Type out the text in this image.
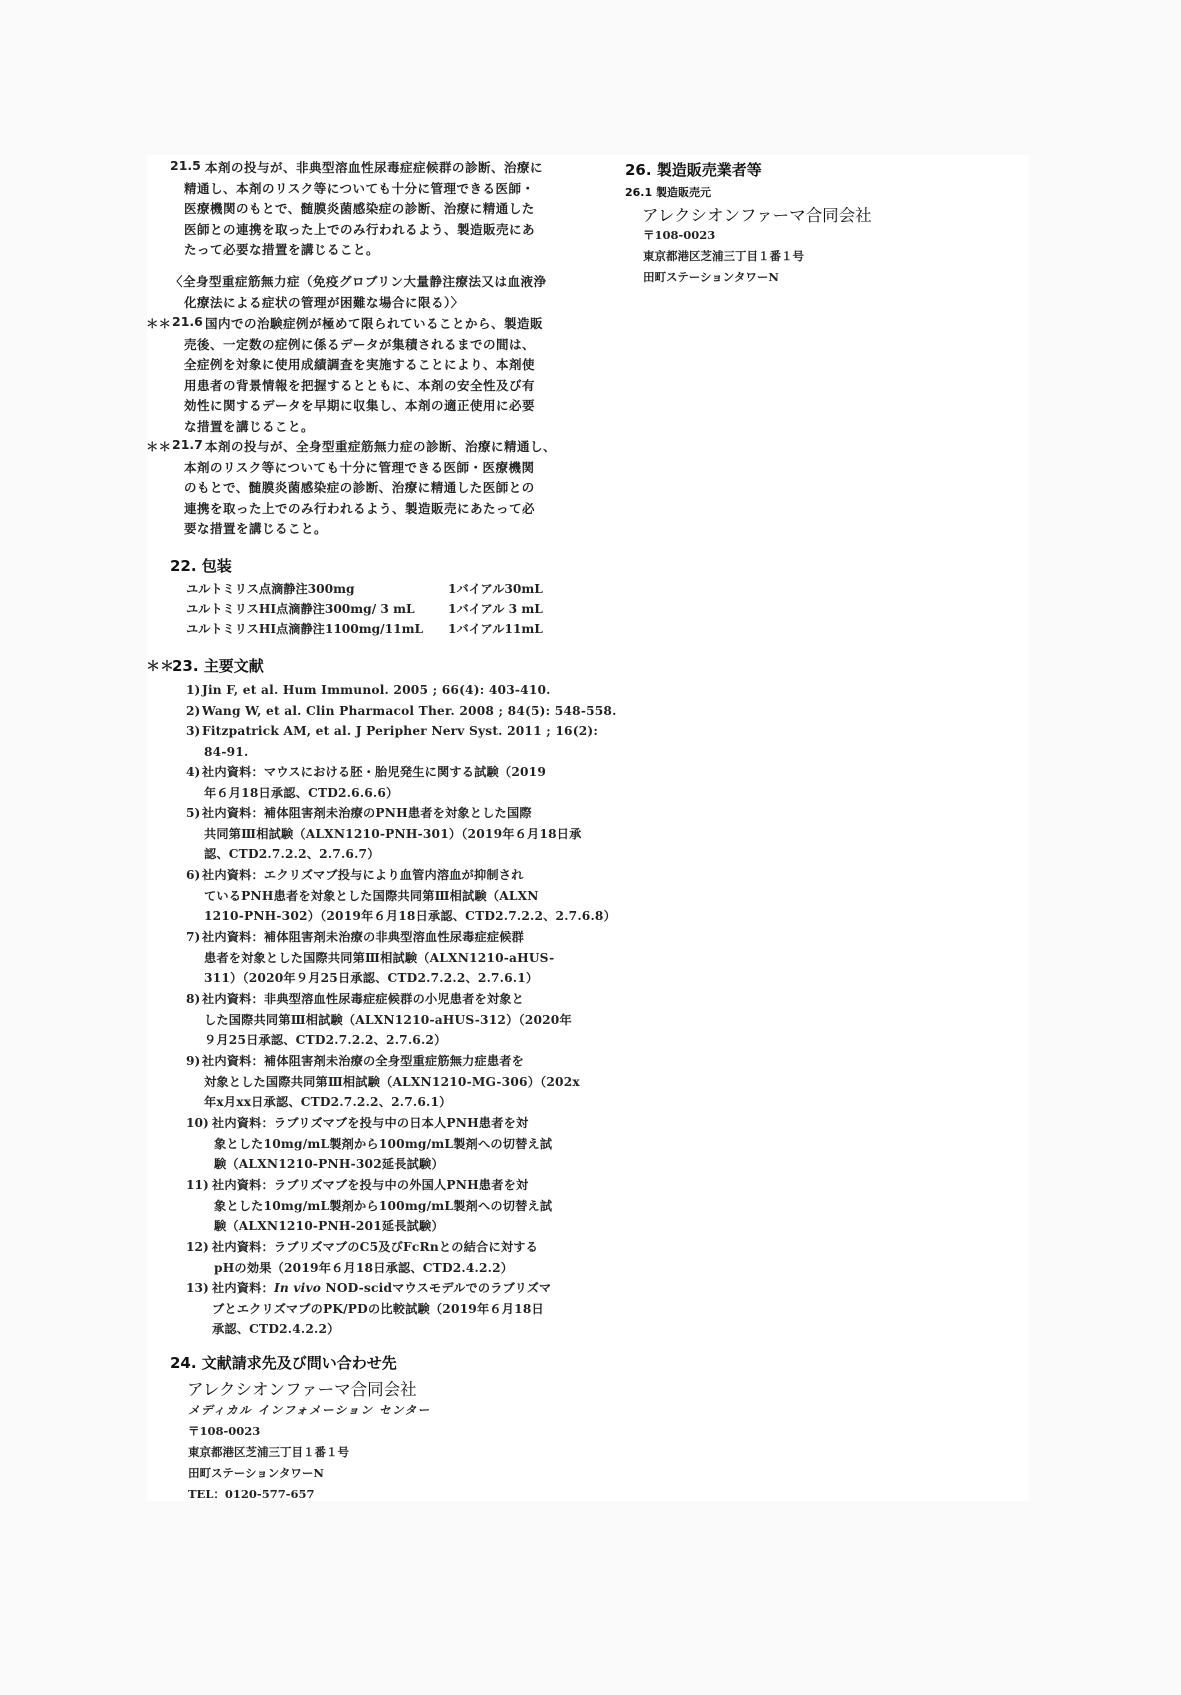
21.5 本剤の投与が、非典型溶血性尿毒症症候群の診断、治療に
精通し、本剤のリスク等についても十分に管理できる医師・
医療機関のもとで、髄膜炎菌感染症の診断、治療に精通した
医師との連携を取った上でのみ行われるよう、製造販売にあ
たって必要な措置を講じること。
〈全身型重症筋無力症（免疫グロブリン大量静注療法又は血液浄
化療法による症状の管理が困難な場合に限る）〉
＊＊ 21.6 国内での治験症例が極めて限られていることから、製造販
売後、一定数の症例に係るデータが集積されるまでの間は、
全症例を対象に使用成績調査を実施することにより、本剤使
用患者の背景情報を把握するとともに、本剤の安全性及び有
効性に関するデータを早期に収集し、本剤の適正使用に必要
な措置を講じること。
＊＊ 21.7 本剤の投与が、全身型重症筋無力症の診断、治療に精通し、
本剤のリスク等についても十分に管理できる医師・医療機関
のもとで、髄膜炎菌感染症の診断、治療に精通した医師との
連携を取った上でのみ行われるよう、製造販売にあたって必
要な措置を講じること。
22. 包装
ユルトミリス点滴静注300mg	1バイアル30mL
ユルトミリスHI点滴静注300mg/ 3 mL	1バイアル 3 mL
ユルトミリスHI点滴静注1100mg/11mL 1バイアル11mL
＊＊
23. 主要文献
1) Jin F, et al. Hum Immunol. 2005 ; 66(4): 403-410.
2) Wang W, et al. Clin Pharmacol Ther. 2008 ; 84(5): 548-558.
3) Fitzpatrick AM, et al. J Peripher Nerv Syst. 2011 ; 16(2):
84-91.
4) 社内資料：マウスにおける胚・胎児発生に関する試験（2019
年６月18日承認、CTD2.6.6.6）
5) 社内資料：補体阻害剤未治療のPNH患者を対象とした国際
共同第Ⅲ相試験（ALXN1210-PNH-301）（2019年６月18日承
認、CTD2.7.2.2、2.7.6.7）
6) 社内資料：エクリズマブ投与により血管内溶血が抑制され
ているPNH患者を対象とした国際共同第Ⅲ相試験（ALXN
1210-PNH-302）（2019年６月18日承認、CTD2.7.2.2、2.7.6.8）
7) 社内資料：補体阻害剤未治療の非典型溶血性尿毒症症候群
患者を対象とした国際共同第Ⅲ相試験（ALXN1210-aHUS-
311）（2020年９月25日承認、CTD2.7.2.2、2.7.6.1）
8) 社内資料：非典型溶血性尿毒症症候群の小児患者を対象と
した国際共同第Ⅲ相試験（ALXN1210-aHUS-312）（2020年
９月25日承認、CTD2.7.2.2、2.7.6.2）
9) 社内資料：補体阻害剤未治療の全身型重症筋無力症患者を
対象とした国際共同第Ⅲ相試験（ALXN1210-MG-306）（202x
年x月xx日承認、CTD2.7.2.2、2.7.6.1）
10) 社内資料：ラブリズマブを投与中の日本人PNH患者を対
象とした10mg/mL製剤から100mg/mL製剤への切替え試
験（ALXN1210-PNH-302延長試験）
11) 社内資料：ラブリズマブを投与中の外国人PNH患者を対
象とした10mg/mL製剤から100mg/mL製剤への切替え試
験（ALXN1210-PNH-201延長試験）
12) 社内資料：ラブリズマブのC5及びFcRnとの結合に対する
pHの効果（2019年６月18日承認、CTD2.4.2.2）
13) 社内資料：In vivo NOD-scidマウスモデルでのラブリズマ
ブとエクリズマブのPK/PDの比較試験（2019年６月18日
承認、CTD2.4.2.2）
24. 文献請求先及び問い合わせ先
アレクシオンファーマ合同会社
メディカル インフォメーション センター
〒108-0023
東京都港区芝浦三丁目１番１号
田町ステーションタワーN
TEL：0120-577-657
26. 製造販売業者等
26.1 製造販売元
アレクシオンファーマ合同会社
〒108-0023
東京都港区芝浦三丁目１番１号
田町ステーションタワーN
